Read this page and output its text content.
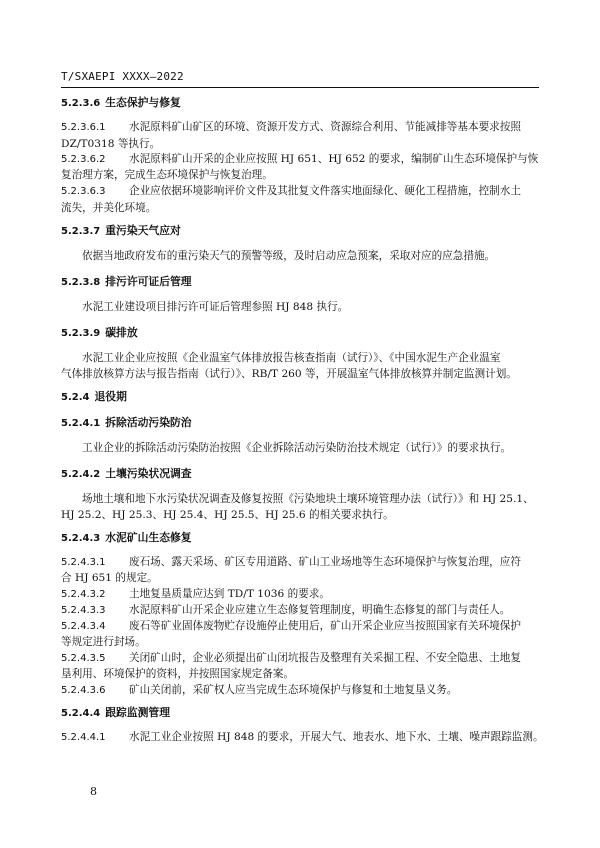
T/SXAEPI XXXX—2022
5.2.3.6 生态保护与修复
5.2.3.6.1 水泥原料矿山矿区的环境、资源开发方式、资源综合利用、节能减排等基本要求按照
DZ/T0318 等执行。
5.2.3.6.2 水泥原料矿山开采的企业应按照 HJ 651、HJ 652 的要求，编制矿山生态环境保护与恢
复治理方案，完成生态环境保护与恢复治理。
5.2.3.6.3 企业应依据环境影响评价文件及其批复文件落实地面绿化、硬化工程措施，控制水土
流失，并美化环境。
5.2.3.7 重污染天气应对
依据当地政府发布的重污染天气的预警等级，及时启动应急预案，采取对应的应急措施。
5.2.3.8 排污许可证后管理
水泥工业建设项目排污许可证后管理参照 HJ 848 执行。
5.2.3.9 碳排放
水泥工业企业应按照《企业温室气体排放报告核查指南（试行）》、《中国水泥生产企业温室
气体排放核算方法与报告指南（试行）》、RB/T 260 等，开展温室气体排放核算并制定监测计划。
5.2.4 退役期
5.2.4.1 拆除活动污染防治
工业企业的拆除活动污染防治按照《企业拆除活动污染防治技术规定（试行）》的要求执行。
5.2.4.2 土壤污染状况调查
场地土壤和地下水污染状况调查及修复按照《污染地块土壤环境管理办法（试行）》和 HJ 25.1、
HJ 25.2、HJ 25.3、HJ 25.4、HJ 25.5、HJ 25.6 的相关要求执行。
5.2.4.3 水泥矿山生态修复
5.2.4.3.1 废石场、露天采场、矿区专用道路、矿山工业场地等生态环境保护与恢复治理，应符
合 HJ 651 的规定。
5.2.4.3.2 土地复垦质量应达到 TD/T 1036 的要求。
5.2.4.3.3 水泥原料矿山开采企业应建立生态修复管理制度，明确生态修复的部门与责任人。
5.2.4.3.4 废石等矿业固体废物贮存设施停止使用后，矿山开采企业应当按照国家有关环境保护
等规定进行封场。
5.2.4.3.5 关闭矿山时，企业必须提出矿山闭坑报告及整理有关采掘工程、不安全隐患、土地复
垦利用、环境保护的资料，并按照国家规定备案。
5.2.4.3.6 矿山关闭前，采矿权人应当完成生态环境保护与修复和土地复垦义务。
5.2.4.4 跟踪监测管理
5.2.4.4.1 水泥工业企业按照 HJ 848 的要求，开展大气、地表水、地下水、土壤、噪声跟踪监测。
8
